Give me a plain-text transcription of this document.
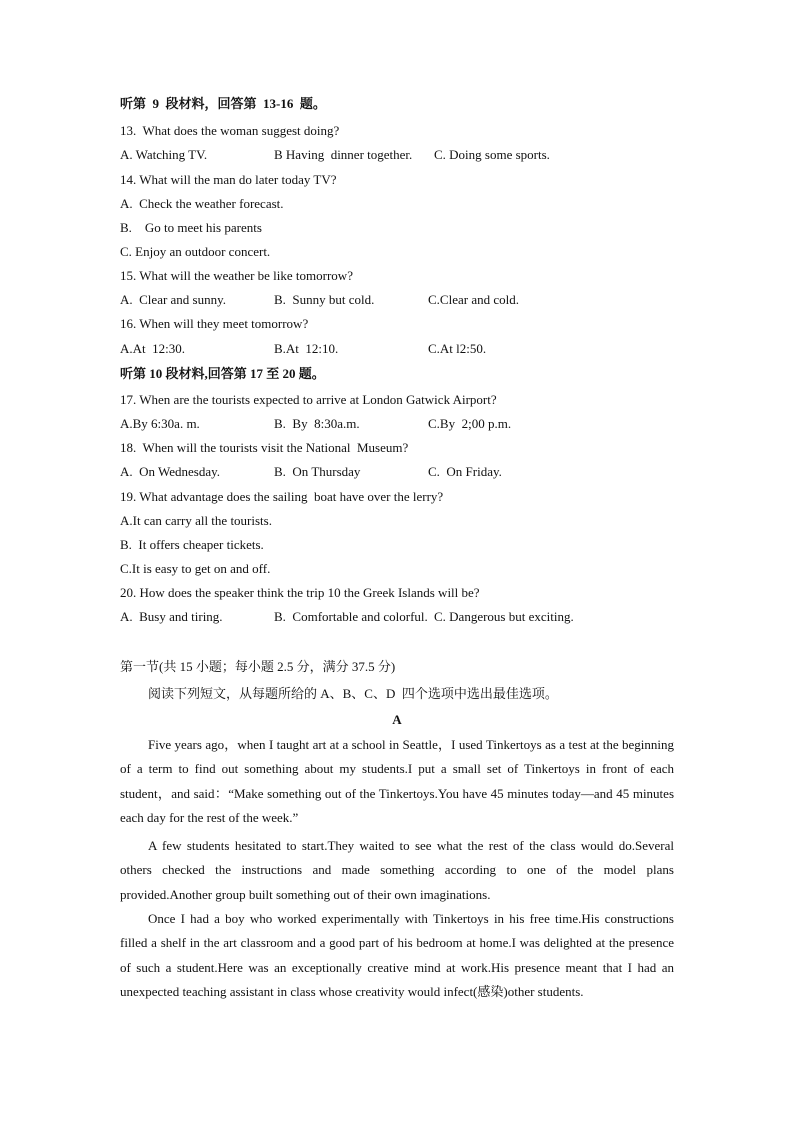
听第  9  段材料，回答第  13-16  题。
13.  What does the woman suggest doing?
A. Watching TV.	B Having  dinner together. C. Doing some sports.
14. What will the man do later today TV?
A.  Check the weather forecast.
B.    Go to meet his parents
C. Enjoy an outdoor concert.
15. What will the weather be like tomorrow?
A.  Clear and sunny.	B.  Sunny but cold.	C.Clear and cold.
16. When will they meet tomorrow?
A.At  12:30.	B.At  12:10.	C.At l2:50.
听第 10 段材料,回答第 17 至 20 题。
17. When are the tourists expected to arrive at London Gatwick Airport?
A.By 6:30a. m.	B.  By  8:30a.m.	C.By  2;00 p.m.
18.  When will the tourists visit the National  Museum?
A.  On Wednesday.	B.  On Thursday	C.  On Friday.
19. What advantage does the sailing  boat have over the lerry?
A.It can carry all the tourists.
B.  It offers cheaper tickets.
C.It is easy to get on and off.
20. How does the speaker think the trip 10 the Greek Islands will be?
A.  Busy and tiring.	B.  Comfortable and colorful. C. Dangerous but exciting.
第一节(共 15 小题；每小题 2.5 分，满分 37.5 分)
阅读下列短文，从每题所给的 A、B、C、D  四个选项中选出最佳选项。
A
Five years ago，when I taught art at a school in Seattle，I used Tinkertoys as a test at the beginning of a term to find out something about my students.I put a small set of Tinkertoys in front of each student，and said：“Make something out of the Tinkertoys.You have 45 minutes today—and 45 minutes each day for the rest of the week.”
A few students hesitated to start.They waited to see what the rest of the class would do.Several others checked the instructions and made something according to one of the model plans provided.Another group built something out of their own imaginations.
Once I had a boy who worked experimentally with Tinkertoys in his free time.His constructions filled a shelf in the art classroom and a good part of his bedroom at home.I was delighted at the presence of such a student.Here was an exceptionally creative mind at work.His presence meant that I had an unexpected teaching assistant in class whose creativity would infect(感染)other students.
